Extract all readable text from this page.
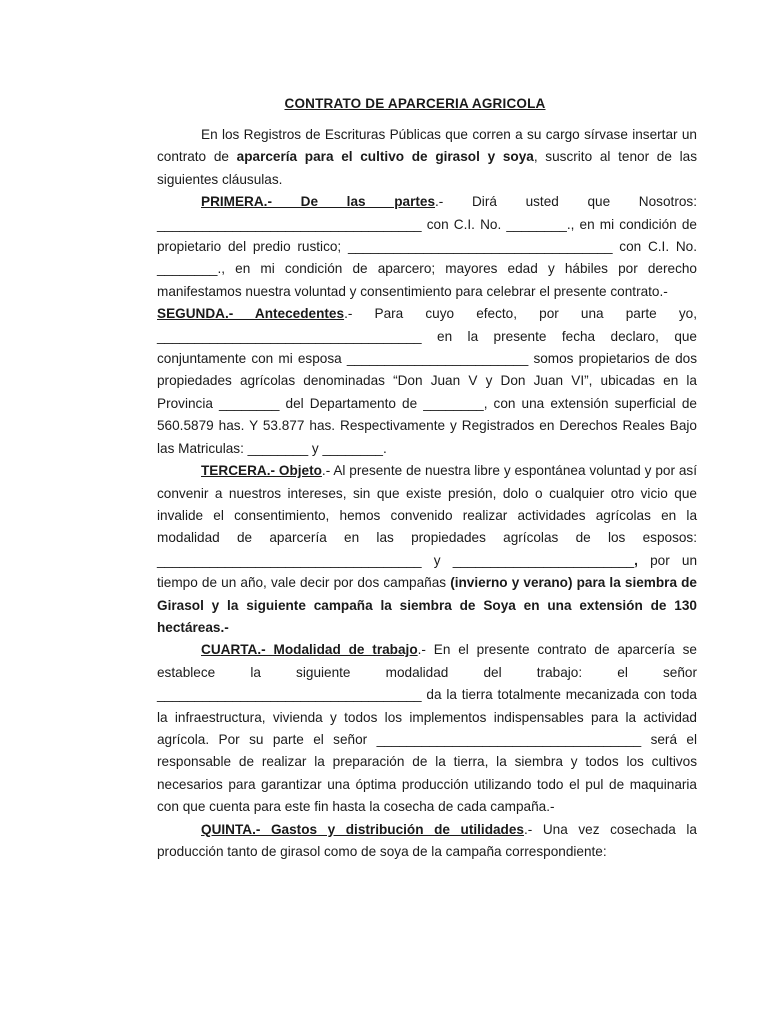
CONTRATO DE APARCERIA AGRICOLA

En los Registros de Escrituras Públicas que corren a su cargo sírvase insertar un contrato de aparcería para el cultivo de girasol y soya, suscrito al tenor de las siguientes cláusulas.

PRIMERA.- De las partes.- Dirá usted que Nosotros: ___________________________________ con C.I. No. ________., en mi condición de propietario del predio rustico; ___________________________________ con C.I. No. ________., en mi condición de aparcero; mayores edad y hábiles por derecho manifestamos nuestra voluntad y consentimiento para celebrar el presente contrato.-

SEGUNDA.- Antecedentes.- Para cuyo efecto, por una parte yo, ___________________________________ en la presente fecha declaro, que conjuntamente con mi esposa ________________________ somos propietarios de dos propiedades agrícolas denominadas “Don Juan V y Don Juan VI”, ubicadas en la Provincia ________ del Departamento de ________, con una extensión superficial de 560.5879 has. Y 53.877 has. Respectivamente y Registrados en Derechos Reales Bajo las Matriculas: ________ y ________.

TERCERA.- Objeto.- Al presente de nuestra libre y espontánea voluntad y por así convenir a nuestros intereses, sin que existe presión, dolo o cualquier otro vicio que invalide el consentimiento, hemos convenido realizar actividades agrícolas en la modalidad de aparcería en las propiedades agrícolas de los esposos: ___________________________________ y ________________________, por un tiempo de un año, vale decir por dos campañas (invierno y verano) para la siembra de Girasol y la siguiente campaña la siembra de Soya en una extensión de 130 hectáreas.-

CUARTA.- Modalidad de trabajo.- En el presente contrato de aparcería se establece la siguiente modalidad del trabajo: el señor ___________________________________ da la tierra totalmente mecanizada con toda la infraestructura, vivienda y todos los implementos indispensables para la actividad agrícola. Por su parte el señor ___________________________________ será el responsable de realizar la preparación de la tierra, la siembra y todos los cultivos necesarios para garantizar una óptima producción utilizando todo el pul de maquinaria con que cuenta para este fin hasta la cosecha de cada campaña.-

QUINTA.- Gastos y distribución de utilidades.- Una vez cosechada la producción tanto de girasol como de soya de la campaña correspondiente:
